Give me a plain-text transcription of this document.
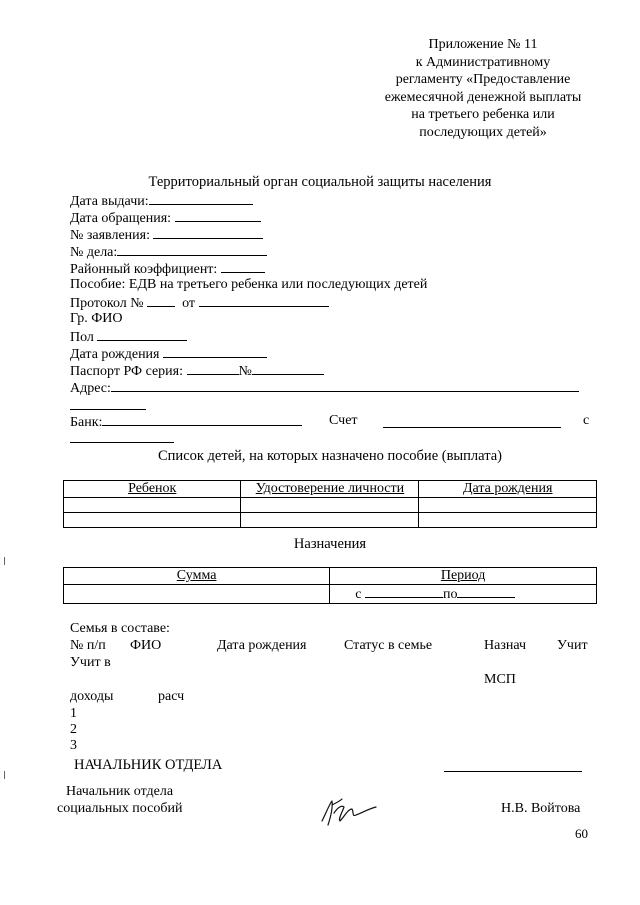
Приложение № 11
к Административному
регламенту «Предоставление
ежемесячной денежной выплаты
на третьего ребенка или
последующих детей»
Территориальный орган социальной защиты населения
Дата выдачи:
Дата обращения:
№ заявления:
№ дела:
Районный коэффициент:
Пособие: ЕДВ на третьего ребенка или последующих детей
Протокол №	от
Гр. ФИО
Пол
Дата рождения
Паспорт РФ серия:	№
Адрес:
Банк:	Счет	с
Список детей, на которых назначено пособие (выплата)
Ребенок	Удостоверение личности	Дата рождения

Назначения
Сумма	Период
	с по
Семья в составе:
№ п/п ФИО	Дата рождения	Статус в семье	Назнач Учит
Учит в
МСП
доходы	расч
1
2
3
НАЧАЛЬНИК ОТДЕЛА
Начальник отдела
социальных пособий	Н.В. Войтова
60
